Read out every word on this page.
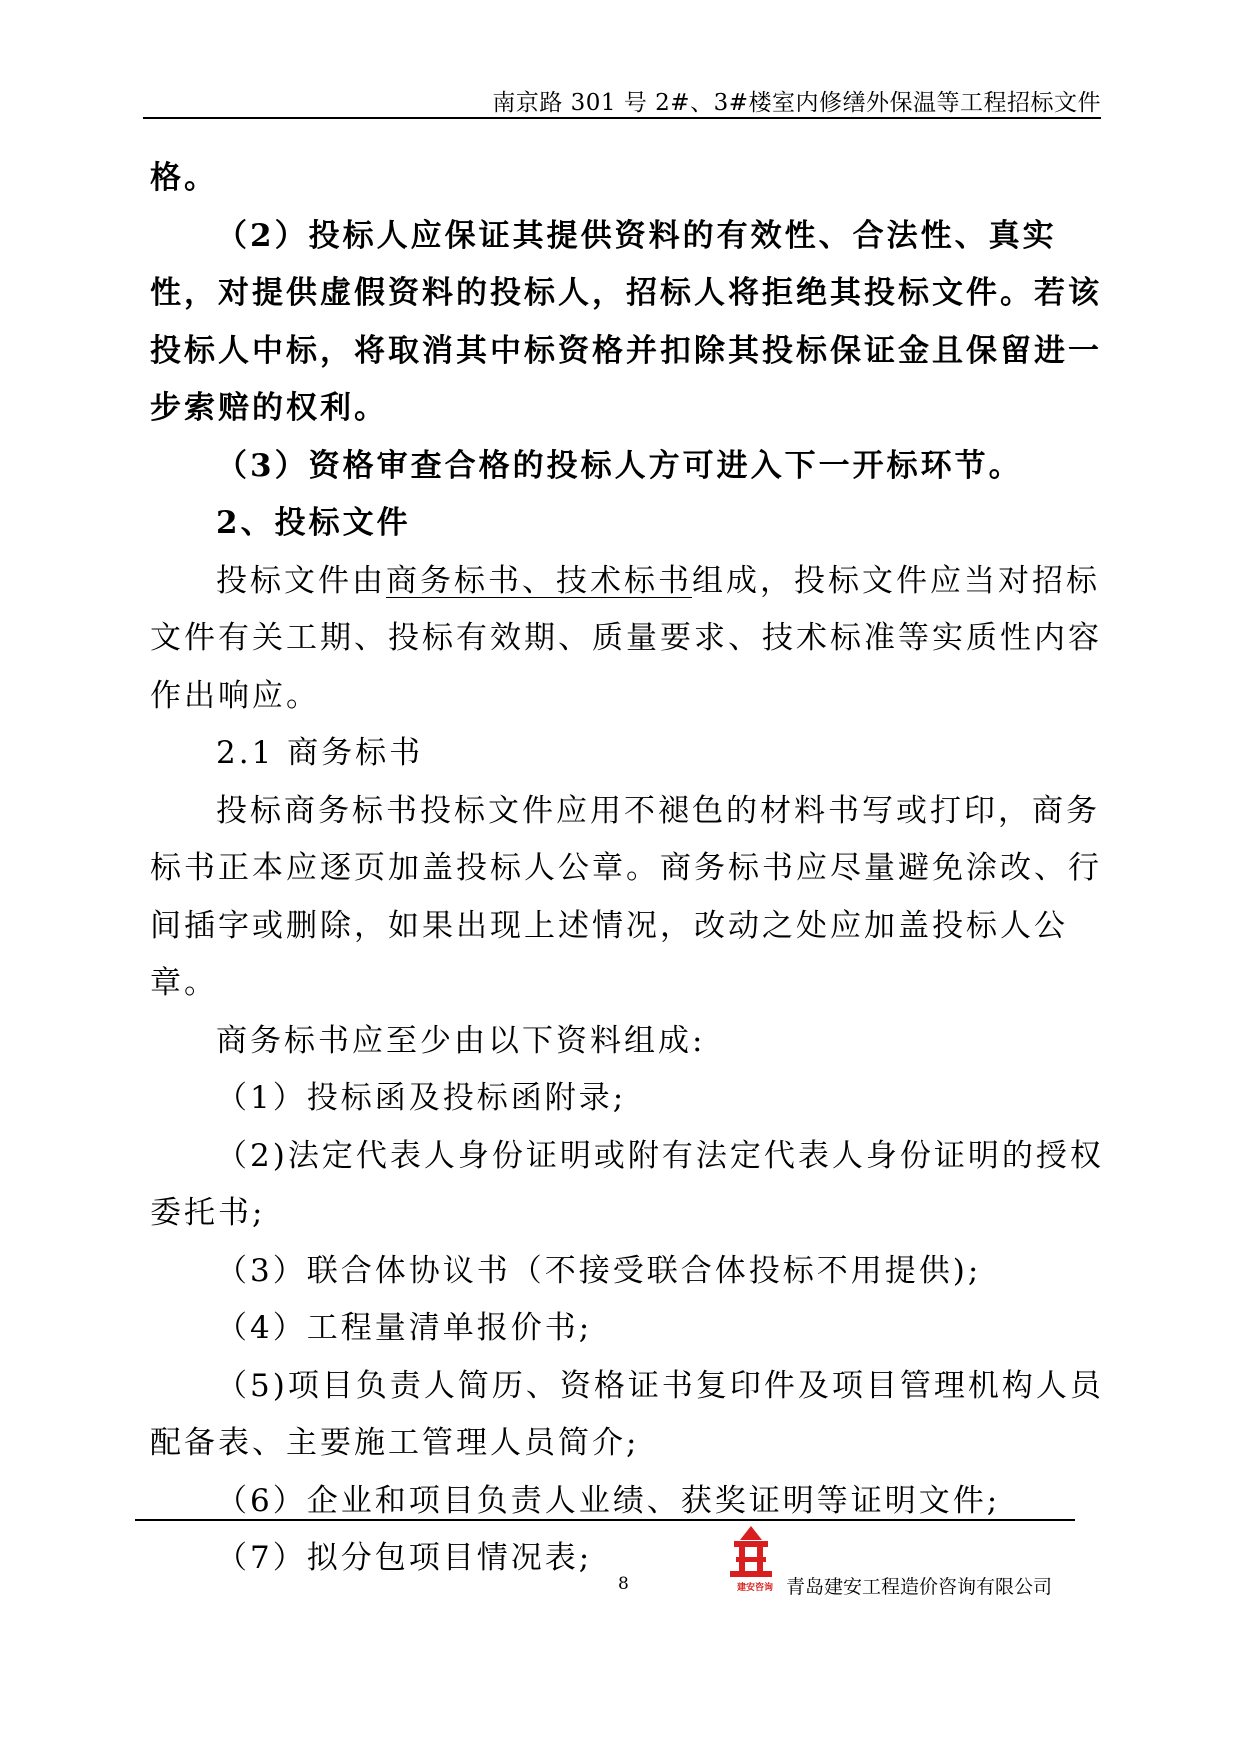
南京路 301 号 2#、3#楼室内修缮外保温等工程招标文件

格。

（2）投标人应保证其提供资料的有效性、合法性、真实性，对提供虚假资料的投标人，招标人将拒绝其投标文件。若该投标人中标，将取消其中标资格并扣除其投标保证金且保留进一步索赔的权利。

（3）资格审查合格的投标人方可进入下一开标环节。

2、投标文件

投标文件由商务标书、技术标书组成，投标文件应当对招标文件有关工期、投标有效期、质量要求、技术标准等实质性内容作出响应。

2.1 商务标书

投标商务标书投标文件应用不褪色的材料书写或打印，商务标书正本应逐页加盖投标人公章。商务标书应尽量避免涂改、行间插字或删除，如果出现上述情况，改动之处应加盖投标人公章。

商务标书应至少由以下资料组成:

（1）投标函及投标函附录;

（2)法定代表人身份证明或附有法定代表人身份证明的授权委托书;

（3）联合体协议书（不接受联合体投标不用提供);

（4）工程量清单报价书;

（5)项目负责人简历、资格证书复印件及项目管理机构人员配备表、主要施工管理人员简介;

（6）企业和项目负责人业绩、获奖证明等证明文件;

（7）拟分包项目情况表;

8	建安咨询 青岛建安工程造价咨询有限公司
